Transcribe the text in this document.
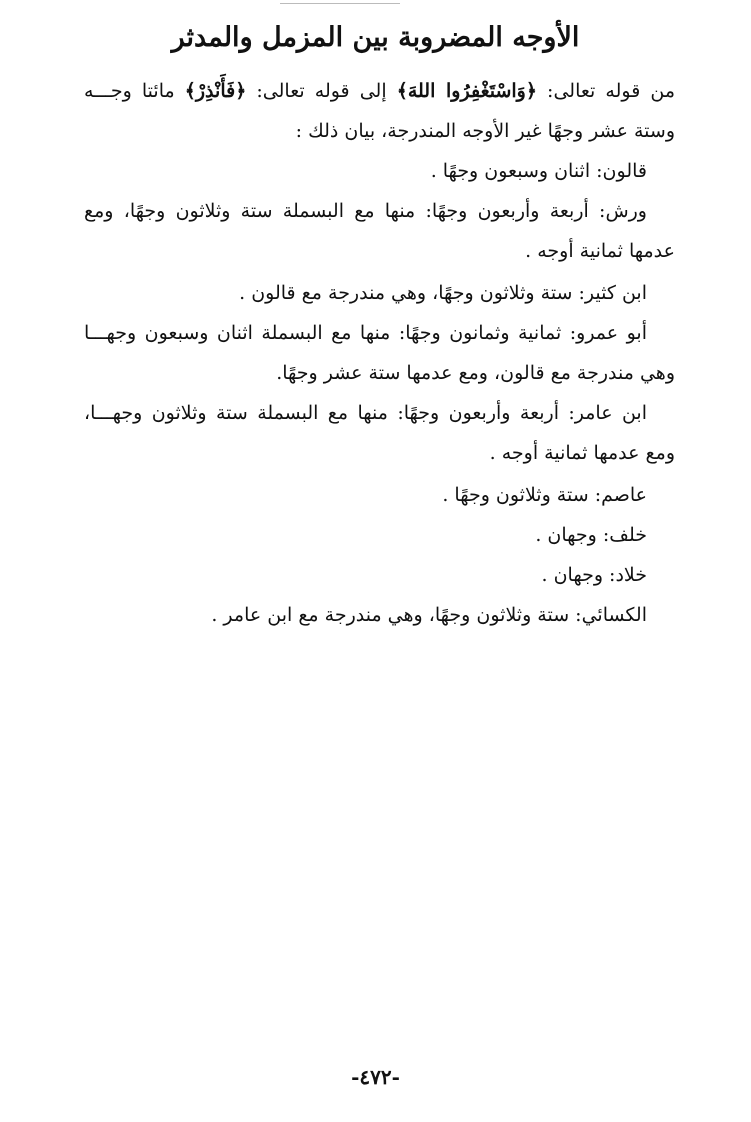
الأوجه المضروبة بين المزمل والمدثر

من قوله تعالى: ﴿وَاسْتَغْفِرُوا اللهَ﴾ إلى قوله تعالى: ﴿فَأَنْذِرْ﴾ مائتا وجـــه

وستة عشر وجهًا غير الأوجه المندرجة، بيان ذلك :

قالون: اثنان وسبعون وجهًا .

ورش: أربعة وأربعون وجهًا: منها مع البسملة ستة وثلاثون وجهًا، ومع

عدمها ثمانية أوجه .

ابن كثير: ستة وثلاثون وجهًا، وهي مندرجة مع قالون .

أبو عمرو: ثمانية وثمانون وجهًا: منها مع البسملة اثنان وسبعون وجهـــا

وهي مندرجة مع قالون، ومع عدمها ستة عشر وجهًا.

ابن عامر: أربعة وأربعون وجهًا: منها مع البسملة ستة وثلاثون وجهـــا،

ومع عدمها ثمانية أوجه .

عاصم: ستة وثلاثون وجهًا .

خلف: وجهان .

خلاد: وجهان .

الكسائي: ستة وثلاثون وجهًا، وهي مندرجة مع ابن عامر .

-٤٧٢-
